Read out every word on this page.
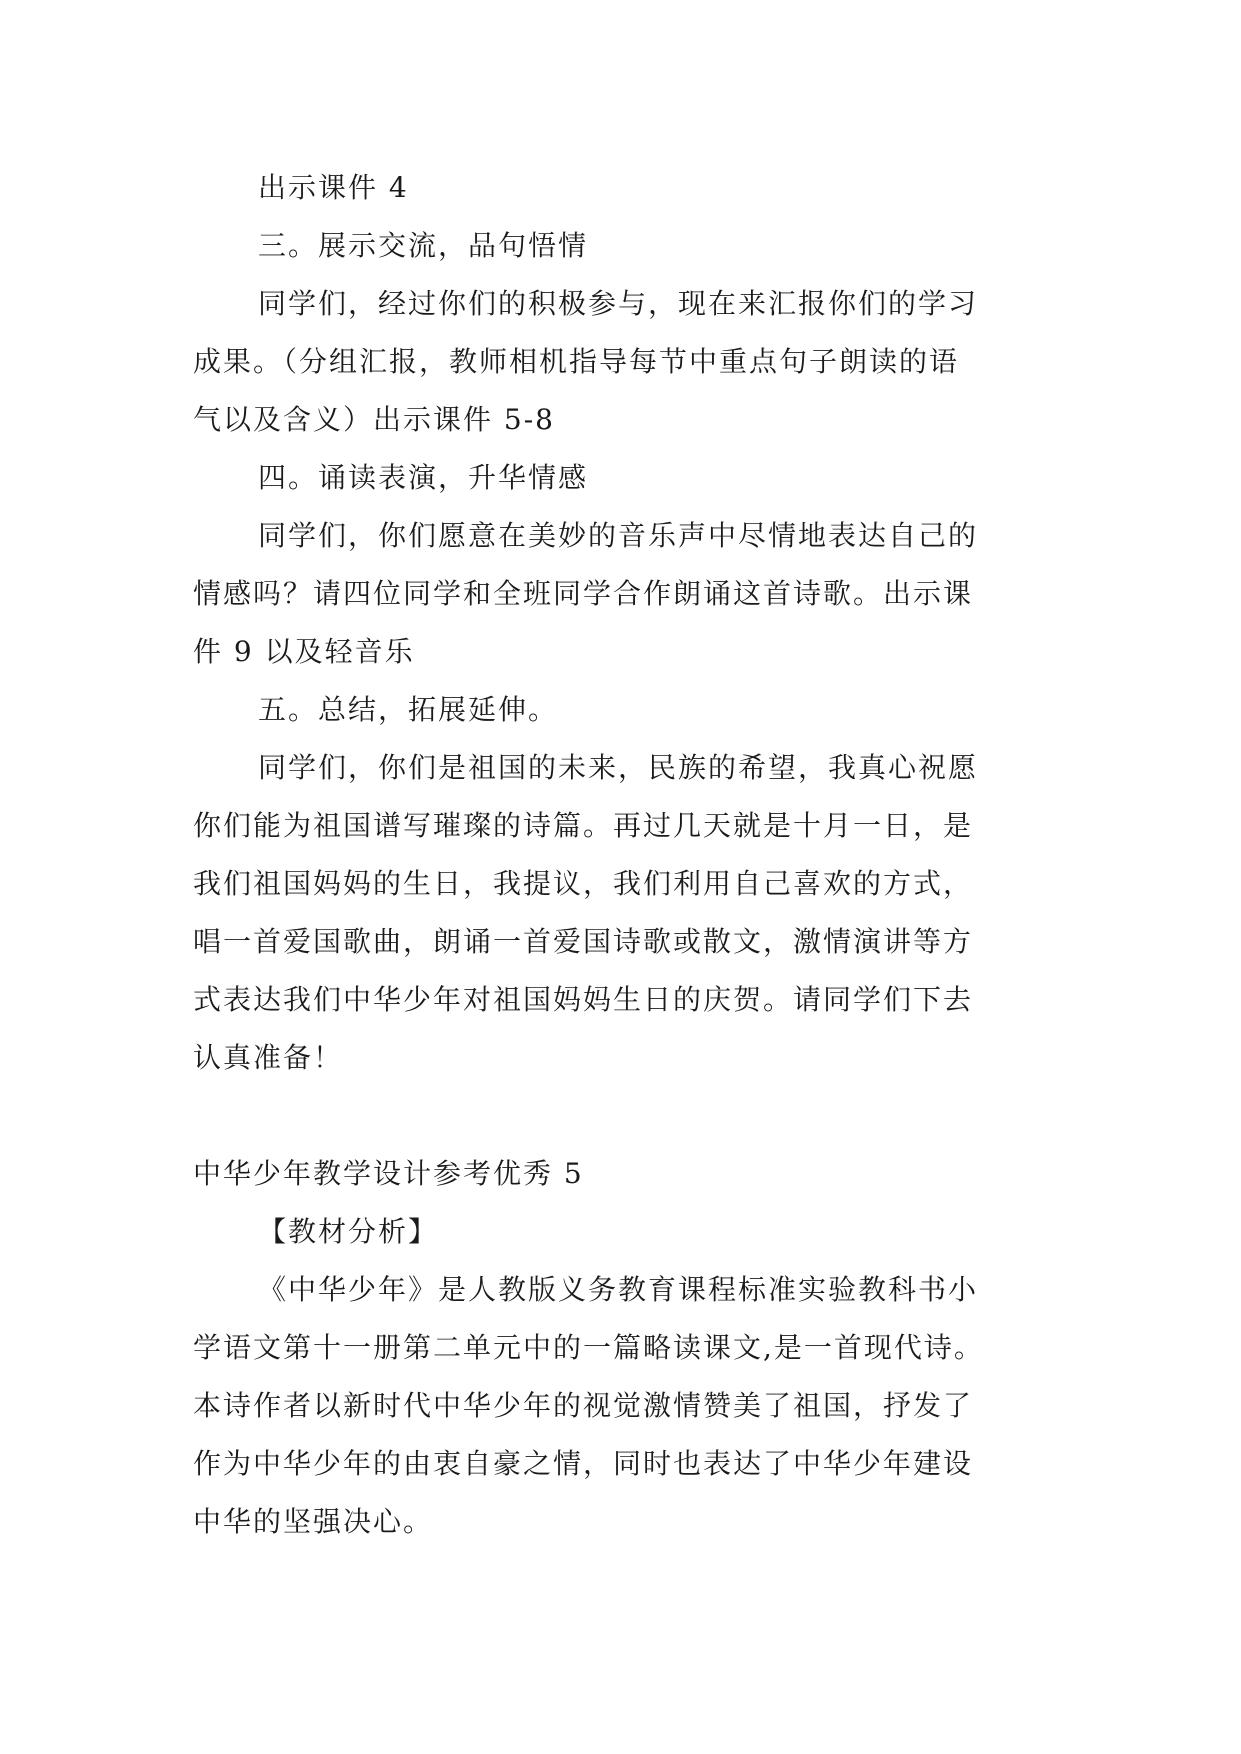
出示课件 4
三。展示交流，品句悟情
同学们，经过你们的积极参与，现在来汇报你们的学习
成果。（分组汇报，教师相机指导每节中重点句子朗读的语
气以及含义）出示课件 5-8
四。诵读表演，升华情感
同学们，你们愿意在美妙的音乐声中尽情地表达自己的
情感吗？请四位同学和全班同学合作朗诵这首诗歌。出示课
件 9 以及轻音乐
五。总结，拓展延伸。
同学们，你们是祖国的未来，民族的希望，我真心祝愿
你们能为祖国谱写璀璨的诗篇。再过几天就是十月一日，是
我们祖国妈妈的生日，我提议，我们利用自己喜欢的方式，
唱一首爱国歌曲，朗诵一首爱国诗歌或散文，激情演讲等方
式表达我们中华少年对祖国妈妈生日的庆贺。请同学们下去
认真准备！
中华少年教学设计参考优秀 5
【教材分析】
《中华少年》是人教版义务教育课程标准实验教科书小
学语文第十一册第二单元中的一篇略读课文,是一首现代诗。
本诗作者以新时代中华少年的视觉激情赞美了祖国，抒发了
作为中华少年的由衷自豪之情，同时也表达了中华少年建设
中华的坚强决心。
